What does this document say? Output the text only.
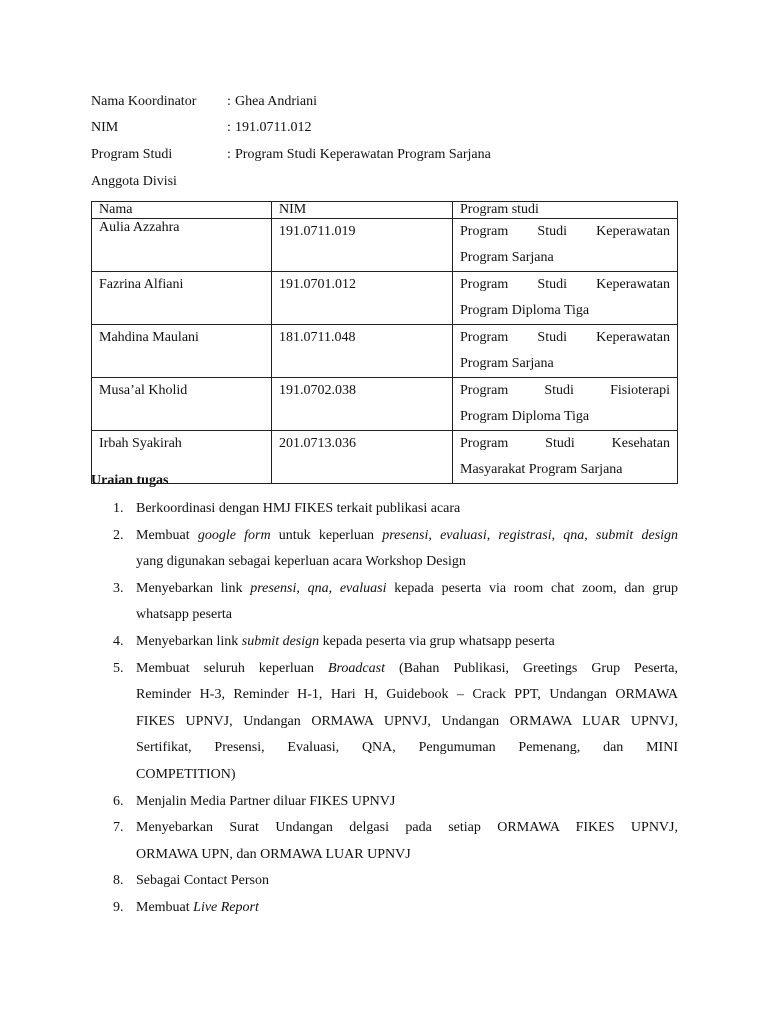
Nama Koordinator : Ghea Andriani
NIM	: 191.0711.012
Program Studi	: Program Studi Keperawatan Program Sarjana
Anggota Divisi
Nama	NIM	Program studi
Aulia Azzahra	191.0711.019	Program Studi Keperawatan
Program Sarjana

Fazrina Alfiani	191.0701.012	Program Studi Keperawatan
Program Diploma Tiga

Mahdina Maulani	181.0711.048	Program Studi Keperawatan
Program Sarjana

Musa’al Kholid	191.0702.038	Program Studi Fisioterapi
Program Diploma Tiga

Irbah Syakirah	201.0713.036	Program Studi Kesehatan
Masyarakat Program Sarjana
Uraian tugas
1. Berkoordinasi dengan HMJ FIKES terkait publikasi acara
2. Membuat google form untuk keperluan presensi, evaluasi, registrasi, qna, submit design
yang digunakan sebagai keperluan acara Workshop Design
3. Menyebarkan link presensi, qna, evaluasi kepada peserta via room chat zoom, dan grup
whatsapp peserta
4. Menyebarkan link submit design kepada peserta via grup whatsapp peserta
5. Membuat seluruh keperluan Broadcast (Bahan Publikasi, Greetings Grup Peserta,
Reminder H-3, Reminder H-1, Hari H, Guidebook – Crack PPT, Undangan ORMAWA
FIKES UPNVJ, Undangan ORMAWA UPNVJ, Undangan ORMAWA LUAR UPNVJ,
Sertifikat, Presensi, Evaluasi, QNA, Pengumuman Pemenang, dan MINI
COMPETITION)
6. Menjalin Media Partner diluar FIKES UPNVJ
7. Menyebarkan Surat Undangan delgasi pada setiap ORMAWA FIKES UPNVJ,
ORMAWA UPN, dan ORMAWA LUAR UPNVJ
8. Sebagai Contact Person
9. Membuat Live Report
